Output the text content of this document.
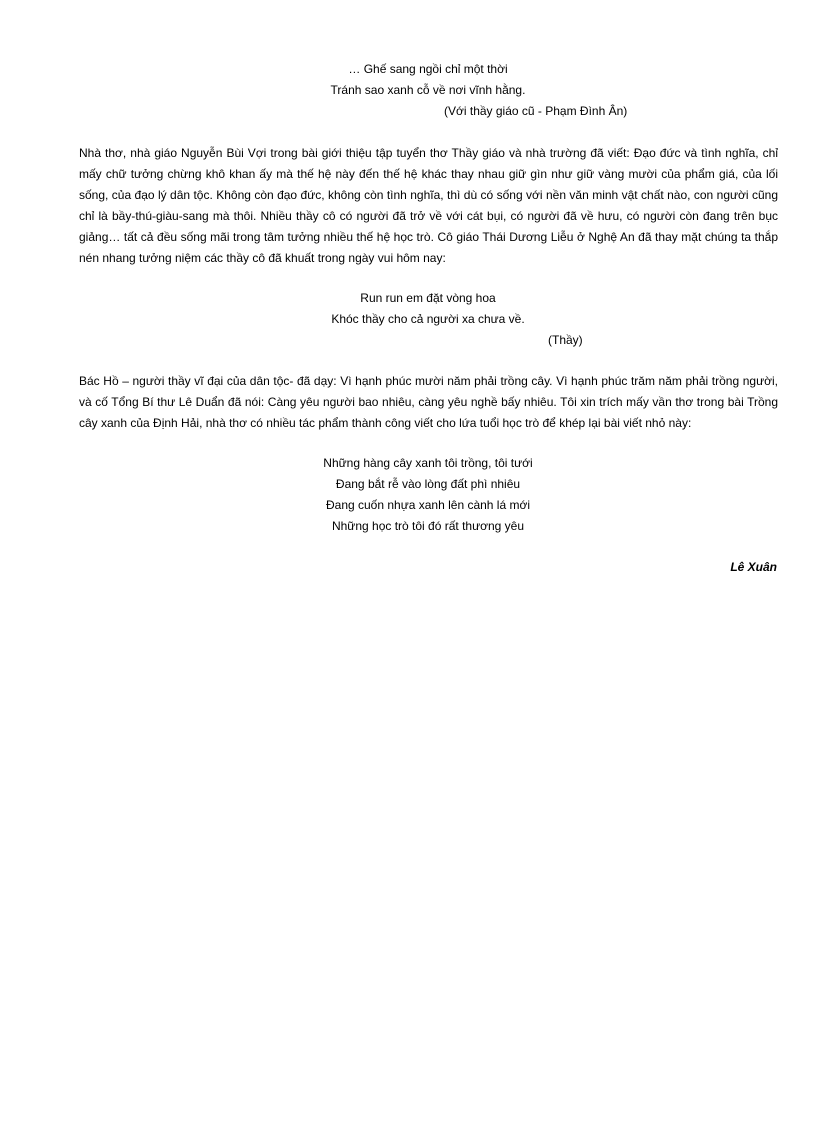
… Ghế sang ngồi chỉ một thời
Tránh sao xanh cỗ về nơi vĩnh hằng.
(Với thầy giáo cũ - Phạm Đình Ân)
Nhà thơ, nhà giáo Nguyễn Bùi Vợi trong bài giới thiệu tập tuyển thơ Thầy giáo và nhà trường đã viết: Đạo đức và tình nghĩa, chỉ mấy chữ tưởng chừng khô khan ấy mà thế hệ này đến thế hệ khác thay nhau giữ gìn như giữ vàng mười của phẩm giá, của lối sống, của đạo lý dân tộc. Không còn đạo đức, không còn tình nghĩa, thì dù có sống với nền văn minh vật chất nào, con người cũng chỉ là bầy-thú-giàu-sang mà thôi. Nhiều thầy cô có người đã trở về với cát bụi, có người đã về hưu, có người còn đang trên bục giảng… tất cả đều sống mãi trong tâm tưởng nhiều thế hệ học trò. Cô giáo Thái Dương Liễu ở Nghệ An đã thay mặt chúng ta thắp nén nhang tưởng niệm các thầy cô đã khuất trong ngày vui hôm nay:
Run run em đặt vòng hoa
Khóc thầy cho cả người xa chưa về.
(Thầy)
Bác Hồ – người thầy vĩ đại của dân tộc- đã dạy: Vì hạnh phúc mười năm phải trồng cây. Vì hạnh phúc trăm năm phải trồng người, và cố Tổng Bí thư Lê Duẩn đã nói: Càng yêu người bao nhiêu, càng yêu nghề bấy nhiêu. Tôi xin trích mấy vần thơ trong bài Trồng cây xanh của Định Hải, nhà thơ có nhiều tác phẩm thành công viết cho lứa tuổi học trò để khép lại bài viết nhỏ này:
Những hàng cây xanh tôi trồng, tôi tưới
Đang bắt rễ vào lòng đất phì nhiêu
Đang cuốn nhựa xanh lên cành lá mới
Những học trò tôi đó rất thương yêu
Lê Xuân
